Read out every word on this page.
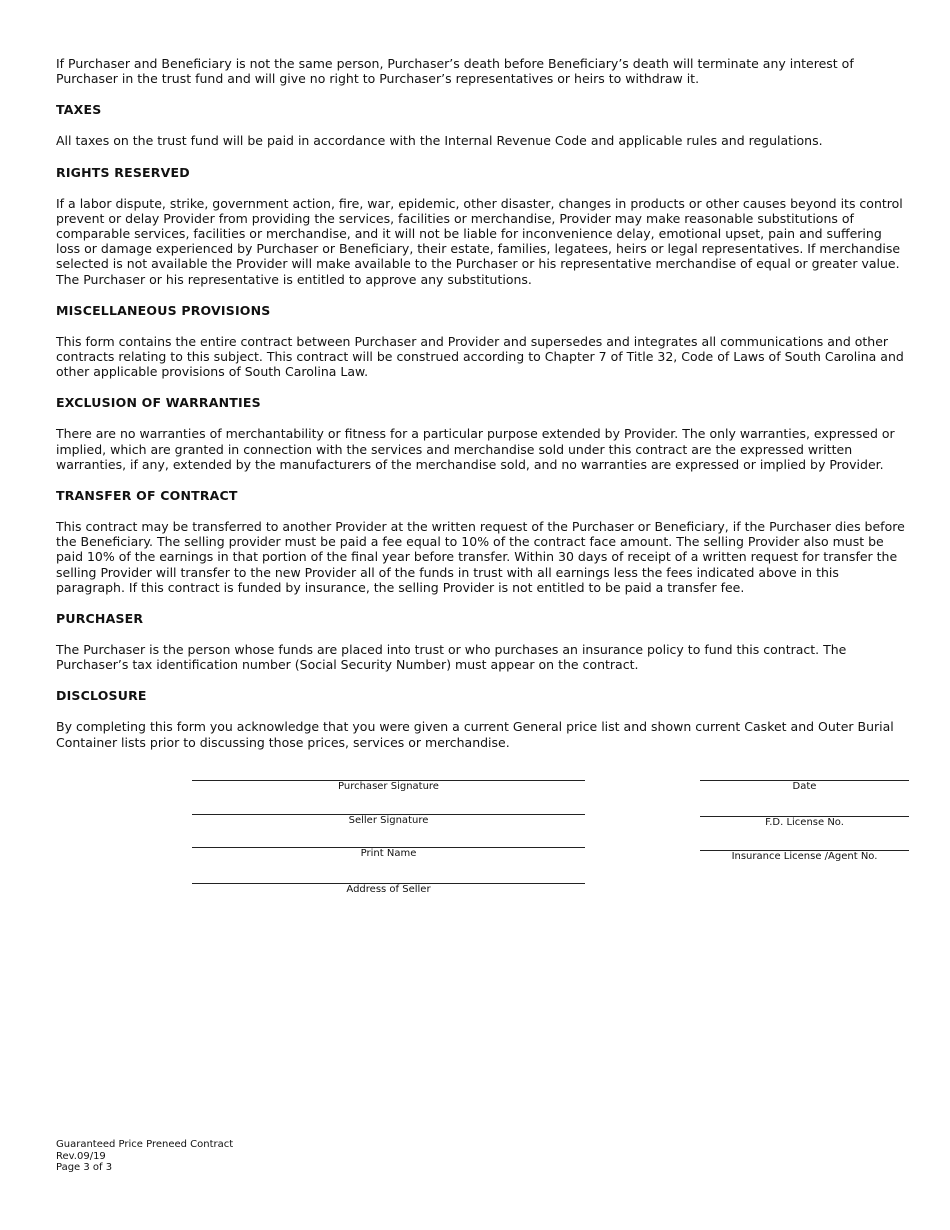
If Purchaser and Beneficiary is not the same person, Purchaser’s death before Beneficiary’s death will terminate any interest of Purchaser in the trust fund and will give no right to Purchaser’s representatives or heirs to withdraw it.

TAXES

All taxes on the trust fund will be paid in accordance with the Internal Revenue Code and applicable rules and regulations.

RIGHTS RESERVED

If a labor dispute, strike, government action, fire, war, epidemic, other disaster, changes in products or other causes beyond its control prevent or delay Provider from providing the services, facilities or merchandise, Provider may make reasonable substitutions of comparable services, facilities or merchandise, and it will not be liable for inconvenience delay, emotional upset, pain and suffering loss or damage experienced by Purchaser or Beneficiary, their estate, families, legatees, heirs or legal representatives. If merchandise selected is not available the Provider will make available to the Purchaser or his representative merchandise of equal or greater value. The Purchaser or his representative is entitled to approve any substitutions.

MISCELLANEOUS PROVISIONS

This form contains the entire contract between Purchaser and Provider and supersedes and integrates all communications and other contracts relating to this subject. This contract will be construed according to Chapter 7 of Title 32, Code of Laws of South Carolina and other applicable provisions of South Carolina Law.

EXCLUSION OF WARRANTIES

There are no warranties of merchantability or fitness for a particular purpose extended by Provider. The only warranties, expressed or implied, which are granted in connection with the services and merchandise sold under this contract are the expressed written warranties, if any, extended by the manufacturers of the merchandise sold, and no warranties are expressed or implied by Provider.

TRANSFER OF CONTRACT

This contract may be transferred to another Provider at the written request of the Purchaser or Beneficiary, if the Purchaser dies before the Beneficiary. The selling provider must be paid a fee equal to 10% of the contract face amount. The selling Provider also must be paid 10% of the earnings in that portion of the final year before transfer. Within 30 days of receipt of a written request for transfer the selling Provider will transfer to the new Provider all of the funds in trust with all earnings less the fees indicated above in this paragraph. If this contract is funded by insurance, the selling Provider is not entitled to be paid a transfer fee.

PURCHASER

The Purchaser is the person whose funds are placed into trust or who purchases an insurance policy to fund this contract. The Purchaser’s tax identification number (Social Security Number) must appear on the contract.

DISCLOSURE

By completing this form you acknowledge that you were given a current General price list and shown current Casket and Outer Burial Container lists prior to discussing those prices, services or merchandise.

Purchaser Signature
Seller Signature
Print Name
Address of Seller
Date
F.D. License No.
Insurance License /Agent No.
Guaranteed Price Preneed Contract
Rev.09/19
Page 3 of 3
